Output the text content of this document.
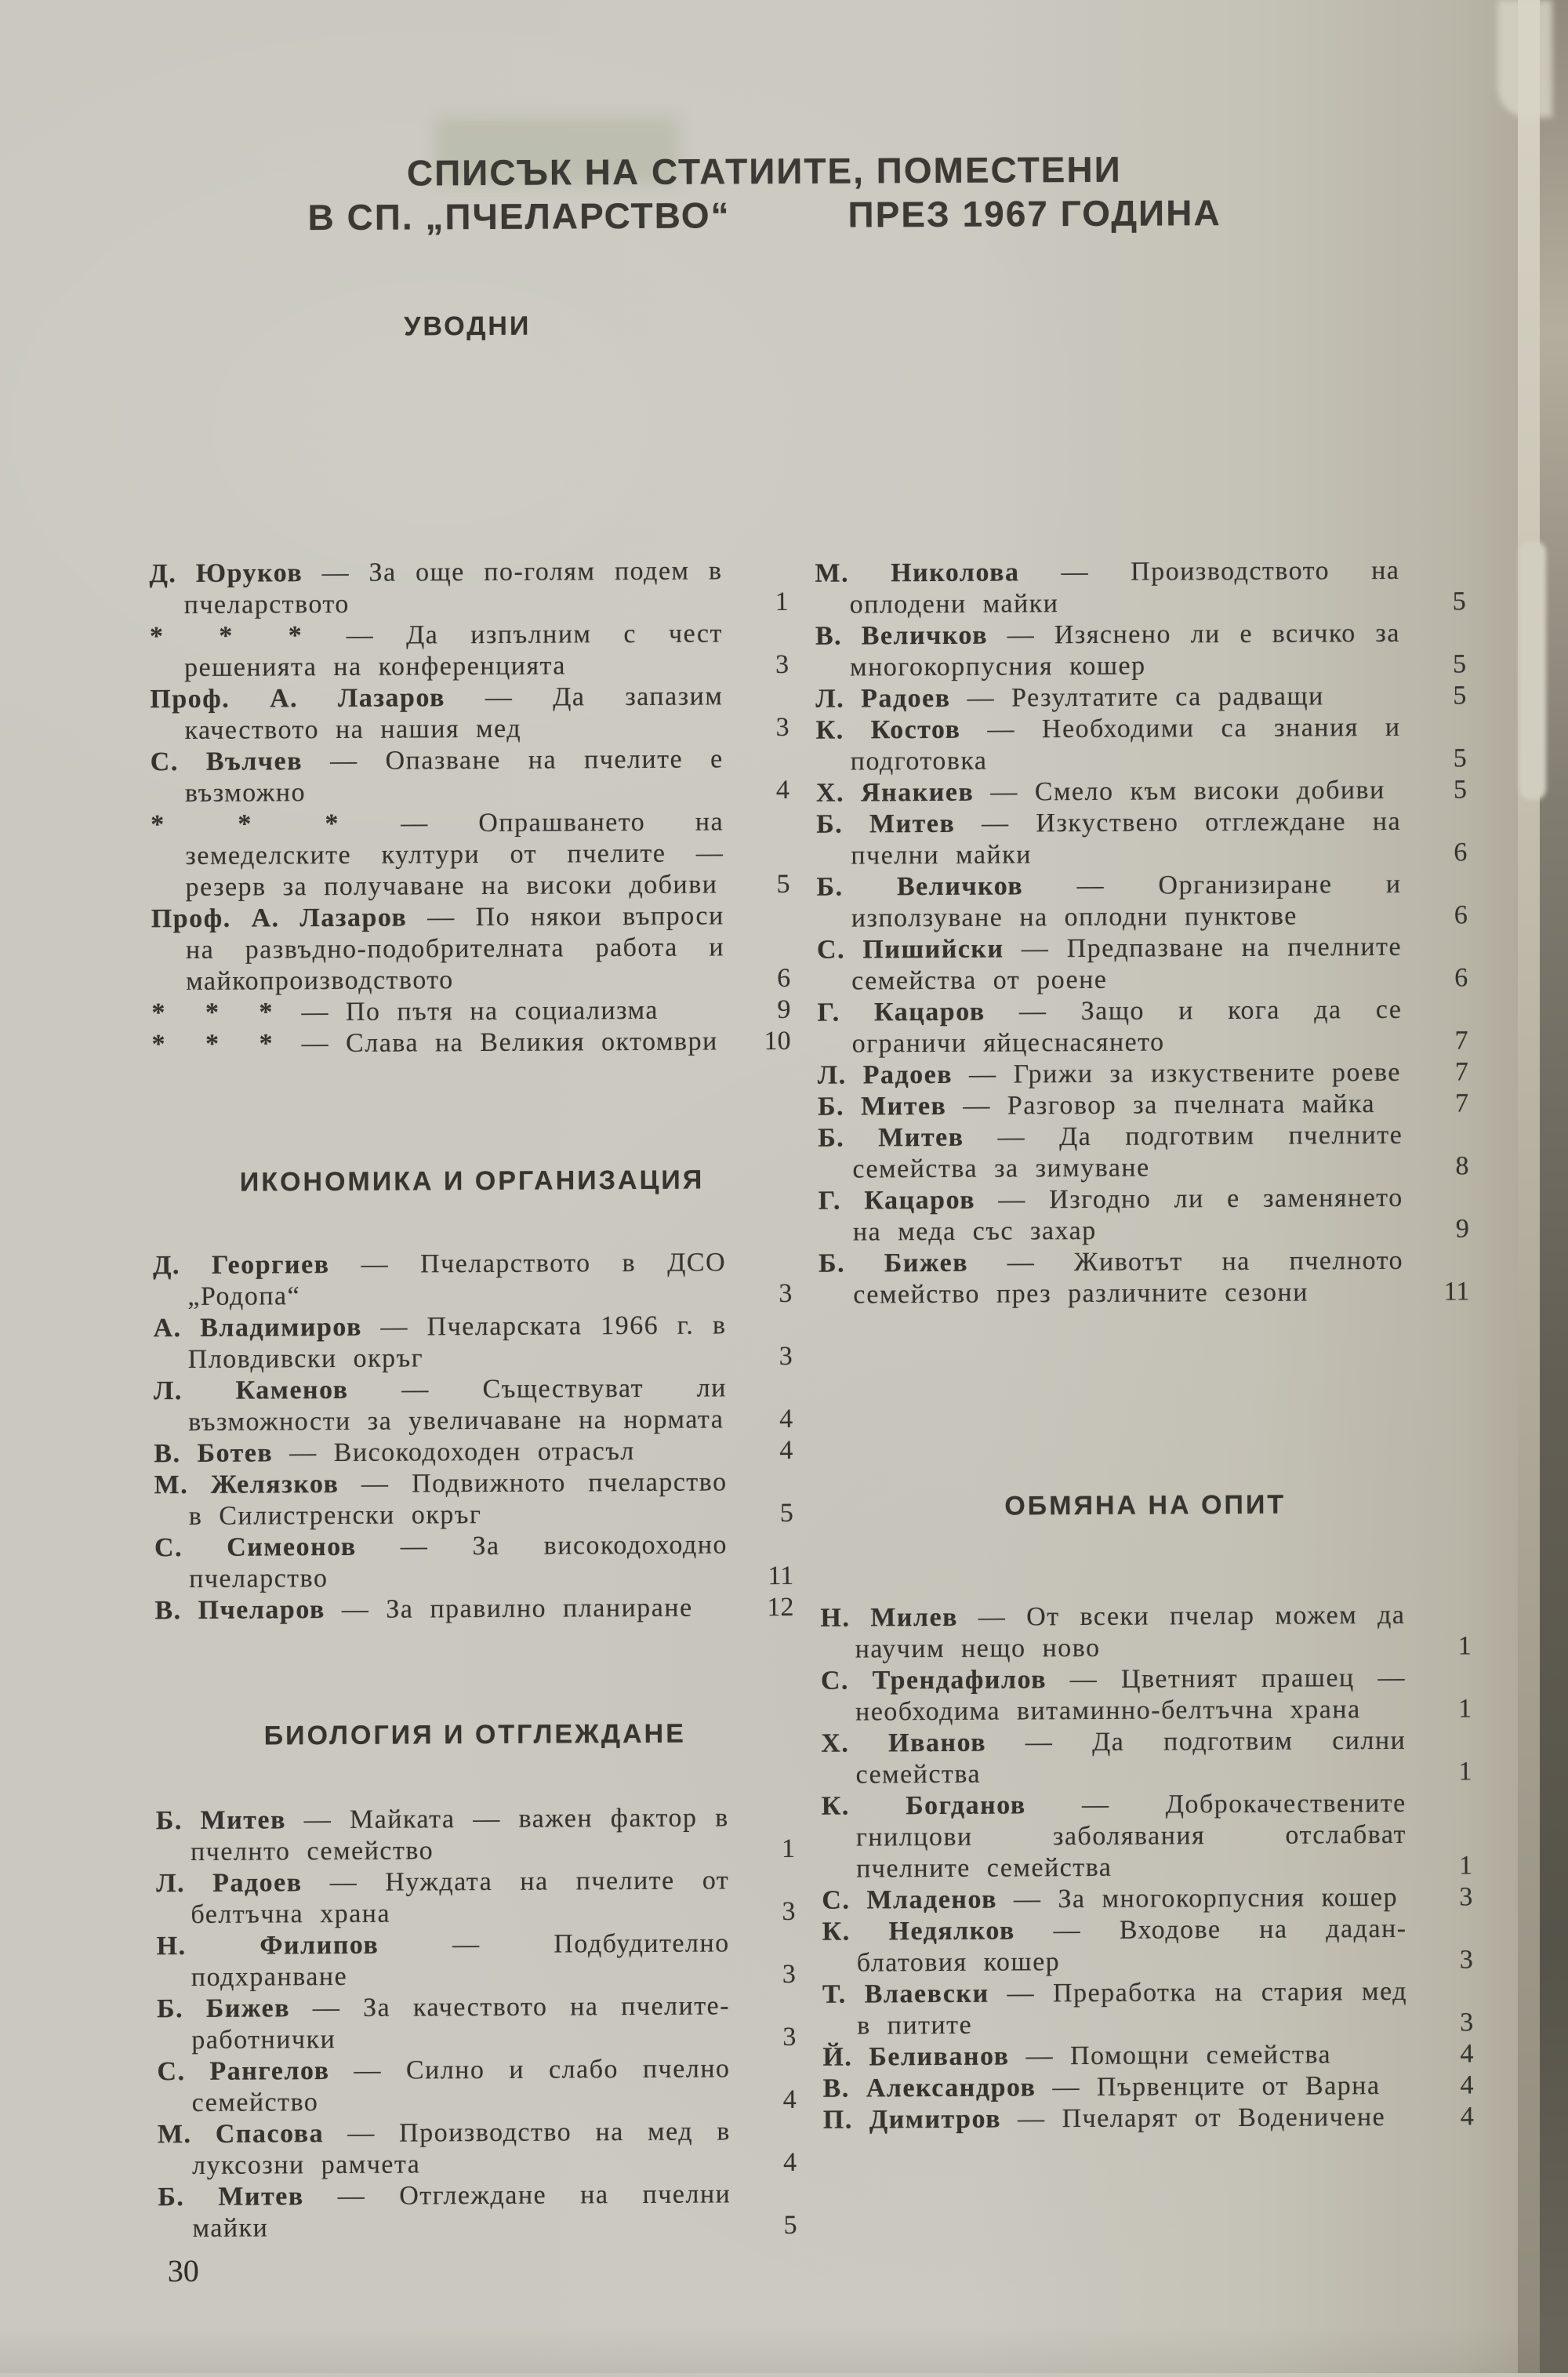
СПИСЪК НА СТАТИИТЕ, ПОМЕСТЕНИ
В СП. „ПЧЕЛАРСТВО“	ПРЕЗ 1967 ГОДИНА
УВОДНИ
Д. Юруков — За още по-голям подем в пчеларството	1
* * * — Да изпълним с чест решенията на конференцията	3
Проф. А. Лазаров — Да запазим качеството на нашия мед	3
С. Вълчев — Опазване на пчелите е възможно	4
* * * — Опрашването на земеделските култури от пчелите — резерв за получаване на високи добиви	5
Проф. А. Лазаров — По някои въпроси на развъдно-подобрителната работа и майкопроизводството	6
* * * — По пътя на социализма	9
* * * — Слава на Великия октомври	10
ИКОНОМИКА И ОРГАНИЗАЦИЯ
Д. Георгиев — Пчеларството в ДСО „Родопа“	3
А. Владимиров — Пчеларската 1966 г. в Пловдивски окръг	3
Л. Каменов — Съществуват ли възможности за увеличаване на нормата	4
В. Ботев — Високодоходен отрасъл	4
М. Желязков — Подвижното пчеларство в Силистренски окръг	5
С. Симеонов — За високодоходно пчеларство	11
В. Пчеларов — За правилно планиране	12
БИОЛОГИЯ И ОТГЛЕЖДАНЕ
Б. Митев — Майката — важен фактор в пчелнто семейство	1
Л. Радоев — Нуждата на пчелите от белтъчна храна	3
Н. Филипов — Подбудително подхранване	3
Б. Бижев — За качеството на пчелите-работнички	3
С. Рангелов — Силно и слабо пчелно семейство	4
М. Спасова — Производство на мед в луксозни рамчета	4
Б. Митев — Отглеждане на пчелни майки	5
М. Николова — Производството на оплодени майки	5
В. Величков — Изяснено ли е всичко за многокорпусния кошер	5
Л. Радоев — Резултатите са радващи	5
К. Костов — Необходими са знания и подготовка	5
Х. Янакиев — Смело към високи добиви	5
Б. Митев — Изкуствено отглеждане на пчелни майки	6
Б. Величков — Организиране и използуване на оплодни пунктове	6
С. Пишийски — Предпазване на пчелните семейства от роене	6
Г. Кацаров — Защо и кога да се ограничи яйцеснасянето	7
Л. Радоев — Грижи за изкуствените роеве	7
Б. Митев — Разговор за пчелната майка	7
Б. Митев — Да подготвим пчелните семейства за зимуване	8
Г. Кацаров — Изгодно ли е заменянето на меда със захар	9
Б. Бижев — Животът на пчелното семейство през различните сезони	11
ОБМЯНА НА ОПИТ
Н. Милев — От всеки пчелар можем да научим нещо ново	1
С. Трендафилов — Цветният прашец — необходима витаминно-белтъчна храна	1
Х. Иванов — Да подготвим силни семейства	1
К. Богданов — Доброкачествените гнилцови заболявания отслабват пчелните семейства	1
С. Младенов — За многокорпусния кошер	3
К. Недялков — Входове на дадан-блатовия кошер	3
Т. Влаевски — Преработка на стария мед в питите	3
Й. Беливанов — Помощни семейства	4
В. Александров — Първенците от Варна	4
П. Димитров — Пчеларят от Воденичене	4
30
